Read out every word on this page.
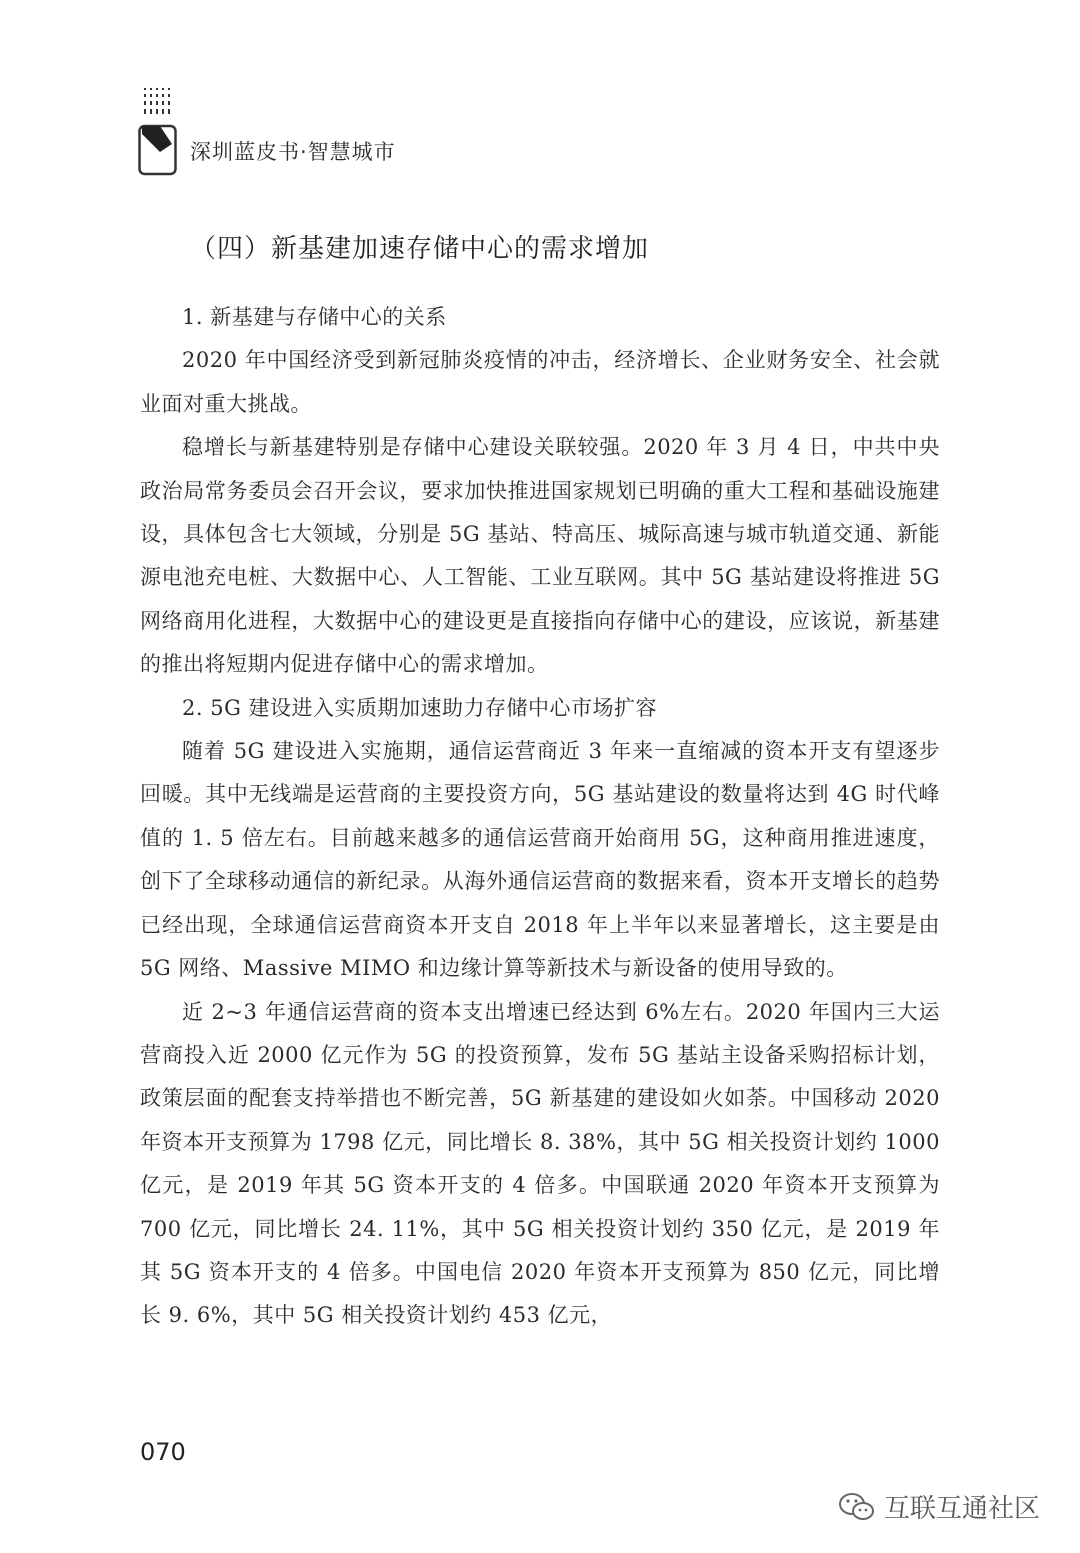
深圳蓝皮书·智慧城市
（四）新基建加速存储中心的需求增加

1. 新基建与存储中心的关系

2020 年中国经济受到新冠肺炎疫情的冲击，经济增长、企业财务安全、社会就业面对重大挑战。

稳增长与新基建特别是存储中心建设关联较强。2020 年 3 月 4 日，中共中央政治局常务委员会召开会议，要求加快推进国家规划已明确的重大工程和基础设施建设，具体包含七大领域，分别是 5G 基站、特高压、城际高速与城市轨道交通、新能源电池充电桩、大数据中心、人工智能、工业互联网。其中 5G 基站建设将推进 5G 网络商用化进程，大数据中心的建设更是直接指向存储中心的建设，应该说，新基建的推出将短期内促进存储中心的需求增加。

2. 5G 建设进入实质期加速助力存储中心市场扩容

随着 5G 建设进入实施期，通信运营商近 3 年来一直缩减的资本开支有望逐步回暖。其中无线端是运营商的主要投资方向，5G 基站建设的数量将达到 4G 时代峰值的 1. 5 倍左右。目前越来越多的通信运营商开始商用 5G，这种商用推进速度，创下了全球移动通信的新纪录。从海外通信运营商的数据来看，资本开支增长的趋势已经出现，全球通信运营商资本开支自 2018 年上半年以来显著增长，这主要是由 5G 网络、Massive MIMO 和边缘计算等新技术与新设备的使用导致的。

近 2~3 年通信运营商的资本支出增速已经达到 6%左右。2020 年国内三大运营商投入近 2000 亿元作为 5G 的投资预算，发布 5G 基站主设备采购招标计划，政策层面的配套支持举措也不断完善，5G 新基建的建设如火如荼。中国移动 2020 年资本开支预算为 1798 亿元，同比增长 8. 38%，其中 5G 相关投资计划约 1000 亿元，是 2019 年其 5G 资本开支的 4 倍多。中国联通 2020 年资本开支预算为 700 亿元，同比增长 24. 11%，其中 5G 相关投资计划约 350 亿元，是 2019 年其 5G 资本开支的 4 倍多。中国电信 2020 年资本开支预算为 850 亿元，同比增长 9. 6%，其中 5G 相关投资计划约 453 亿元，

070
互联互通社区
